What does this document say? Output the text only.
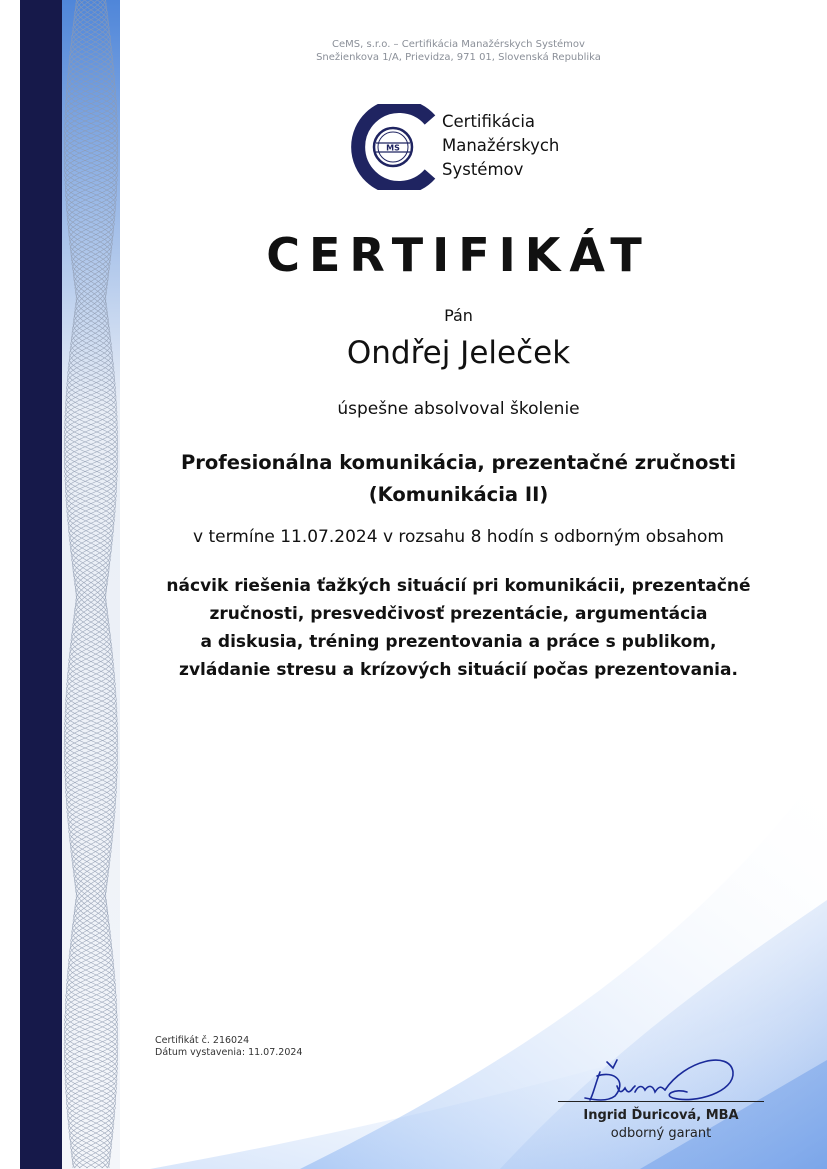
CeMS, s.r.o. – Certifikácia Manažérskych Systémov
Snežienkova 1/A, Prievidza, 971 01, Slovenská Republika
MS
Certifikácia
Manažérskych
Systémov
CERTIFIKÁT
Pán
Ondřej Jeleček
úspešne absolvoval školenie
Profesionálna komunikácia, prezentačné zručnosti
(Komunikácia II)
v termíne 11.07.2024 v rozsahu 8 hodín s odborným obsahom
nácvik riešenia ťažkých situácií pri komunikácii, prezentačné
zručnosti, presvedčivosť prezentácie, argumentácia
a diskusia, tréning prezentovania a práce s publikom,
zvládanie stresu a krízových situácií počas prezentovania.
Certifikát č. 216024
Dátum vystavenia: 11.07.2024
Ingrid Ďuricová, MBA
odborný garant
